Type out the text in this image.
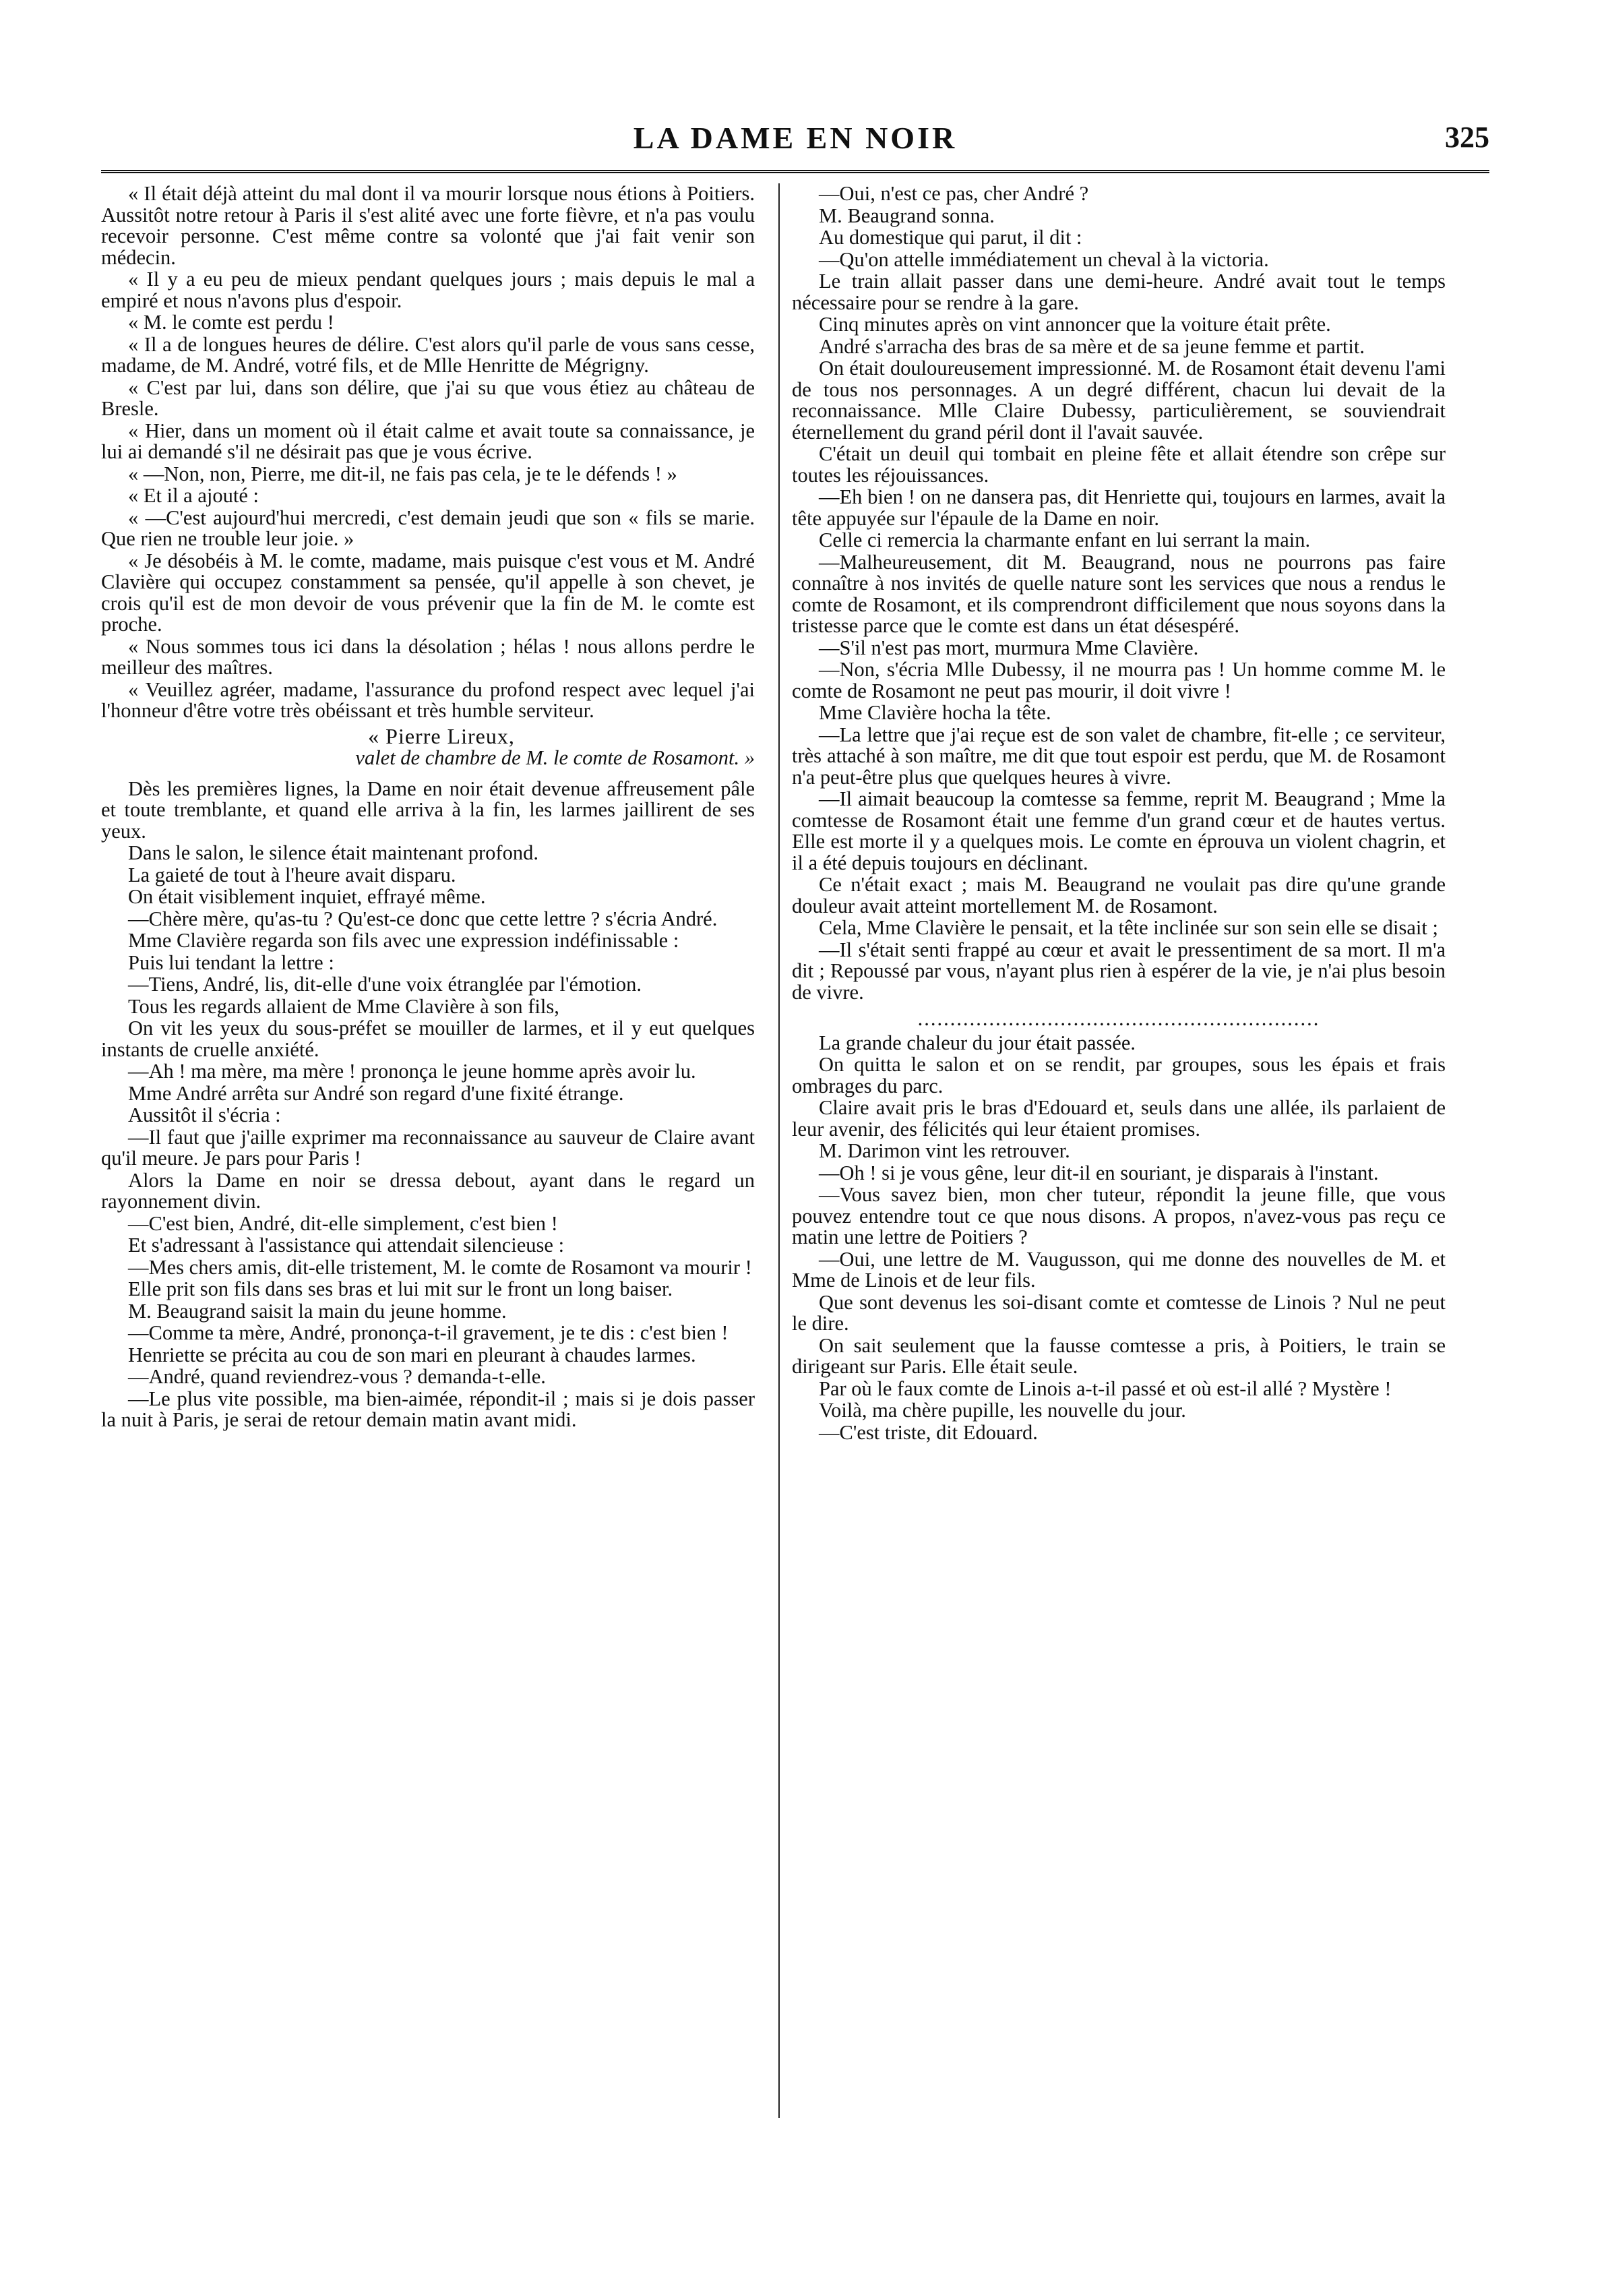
LA DAME EN NOIR	325

« Il était déjà atteint du mal dont il va mourir lorsque nous étions à Poitiers. Aussitôt notre retour à Paris il s'est alité avec une forte fièvre, et n'a pas voulu recevoir personne. C'est même contre sa volonté que j'ai fait venir son médecin.

« Il y a eu peu de mieux pendant quelques jours ; mais depuis le mal a empiré et nous n'avons plus d'espoir.

« M. le comte est perdu !

« Il a de longues heures de délire. C'est alors qu'il parle de vous sans cesse, madame, de M. André, votré fils, et de Mlle Henritte de Mégrigny.

« C'est par lui, dans son délire, que j'ai su que vous étiez au château de Bresle.

« Hier, dans un moment où il était calme et avait toute sa connaissance, je lui ai demandé s'il ne désirait pas que je vous écrive.

« —Non, non, Pierre, me dit-il, ne fais pas cela, je te le défends ! »

« Et il a ajouté :

« —C'est aujourd'hui mercredi, c'est demain jeudi que son « fils se marie. Que rien ne trouble leur joie. »

« Je désobéis à M. le comte, madame, mais puisque c'est vous et M. André Clavière qui occupez constamment sa pensée, qu'il appelle à son chevet, je crois qu'il est de mon devoir de vous prévenir que la fin de M. le comte est proche.

« Nous sommes tous ici dans la désolation ; hélas ! nous allons perdre le meilleur des maîtres.

« Veuillez agréer, madame, l'assurance du profond respect avec lequel j'ai l'honneur d'être votre très obéissant et très humble serviteur.

« Pierre Lireux,

valet de chambre de M. le comte de Rosamont. »

Dès les premières lignes, la Dame en noir était devenue affreusement pâle et toute tremblante, et quand elle arriva à la fin, les larmes jaillirent de ses yeux.

Dans le salon, le silence était maintenant profond.

La gaieté de tout à l'heure avait disparu.

On était visiblement inquiet, effrayé même.

—Chère mère, qu'as-tu ? Qu'est-ce donc que cette lettre ? s'écria André.

Mme Clavière regarda son fils avec une expression indéfinissable :

Puis lui tendant la lettre :

—Tiens, André, lis, dit-elle d'une voix étranglée par l'émotion.

Tous les regards allaient de Mme Clavière à son fils,

On vit les yeux du sous-préfet se mouiller de larmes, et il y eut quelques instants de cruelle anxiété.

—Ah ! ma mère, ma mère ! prononça le jeune homme après avoir lu.

Mme André arrêta sur André son regard d'une fixité étrange.

Aussitôt il s'écria :

—Il faut que j'aille exprimer ma reconnaissance au sauveur de Claire avant qu'il meure. Je pars pour Paris !

Alors la Dame en noir se dressa debout, ayant dans le regard un rayonnement divin.

—C'est bien, André, dit-elle simplement, c'est bien !

Et s'adressant à l'assistance qui attendait silencieuse :

—Mes chers amis, dit-elle tristement, M. le comte de Rosamont va mourir !

Elle prit son fils dans ses bras et lui mit sur le front un long baiser.

M. Beaugrand saisit la main du jeune homme.

—Comme ta mère, André, prononça-t-il gravement, je te dis : c'est bien !

Henriette se précita au cou de son mari en pleurant à chaudes larmes.

—André, quand reviendrez-vous ? demanda-t-elle.

—Le plus vite possible, ma bien-aimée, répondit-il ; mais si je dois passer la nuit à Paris, je serai de retour demain matin avant midi.

—Oui, n'est ce pas, cher André ?

M. Beaugrand sonna.

Au domestique qui parut, il dit :

—Qu'on attelle immédiatement un cheval à la victoria.

Le train allait passer dans une demi-heure. André avait tout le temps nécessaire pour se rendre à la gare.

Cinq minutes après on vint annoncer que la voiture était prête.

André s'arracha des bras de sa mère et de sa jeune femme et partit.

On était douloureusement impressionné. M. de Rosamont était devenu l'ami de tous nos personnages. A un degré différent, chacun lui devait de la reconnaissance. Mlle Claire Dubessy, particulièrement, se souviendrait éternellement du grand péril dont il l'avait sauvée.

C'était un deuil qui tombait en pleine fête et allait étendre son crêpe sur toutes les réjouissances.

—Eh bien ! on ne dansera pas, dit Henriette qui, toujours en larmes, avait la tête appuyée sur l'épaule de la Dame en noir.

Celle ci remercia la charmante enfant en lui serrant la main.

—Malheureusement, dit M. Beaugrand, nous ne pourrons pas faire connaître à nos invités de quelle nature sont les services que nous a rendus le comte de Rosamont, et ils comprendront difficilement que nous soyons dans la tristesse parce que le comte est dans un état désespéré.

—S'il n'est pas mort, murmura Mme Clavière.

—Non, s'écria Mlle Dubessy, il ne mourra pas ! Un homme comme M. le comte de Rosamont ne peut pas mourir, il doit vivre !

Mme Clavière hocha la tête.

—La lettre que j'ai reçue est de son valet de chambre, fit-elle ; ce serviteur, très attaché à son maître, me dit que tout espoir est perdu, que M. de Rosamont n'a peut-être plus que quelques heures à vivre.

—Il aimait beaucoup la comtesse sa femme, reprit M. Beaugrand ; Mme la comtesse de Rosamont était une femme d'un grand cœur et de hautes vertus. Elle est morte il y a quelques mois. Le comte en éprouva un violent chagrin, et il a été depuis toujours en déclinant.

Ce n'était exact ; mais M. Beaugrand ne voulait pas dire qu'une grande douleur avait atteint mortellement M. de Rosamont.

Cela, Mme Clavière le pensait, et la tête inclinée sur son sein elle se disait ;

—Il s'était senti frappé au cœur et avait le pressentiment de sa mort. Il m'a dit ; Repoussé par vous, n'ayant plus rien à espérer de la vie, je n'ai plus besoin de vivre.

..............................................................

La grande chaleur du jour était passée.

On quitta le salon et on se rendit, par groupes, sous les épais et frais ombrages du parc.

Claire avait pris le bras d'Edouard et, seuls dans une allée, ils parlaient de leur avenir, des félicités qui leur étaient promises.

M. Darimon vint les retrouver.

—Oh ! si je vous gêne, leur dit-il en souriant, je disparais à l'instant.

—Vous savez bien, mon cher tuteur, répondit la jeune fille, que vous pouvez entendre tout ce que nous disons. A propos, n'avez-vous pas reçu ce matin une lettre de Poitiers ?

—Oui, une lettre de M. Vaugusson, qui me donne des nouvelles de M. et Mme de Linois et de leur fils.

Que sont devenus les soi-disant comte et comtesse de Linois ? Nul ne peut le dire.

On sait seulement que la fausse comtesse a pris, à Poitiers, le train se dirigeant sur Paris. Elle était seule.

Par où le faux comte de Linois a-t-il passé et où est-il allé ? Mystère !

Voilà, ma chère pupille, les nouvelle du jour.

—C'est triste, dit Edouard.
